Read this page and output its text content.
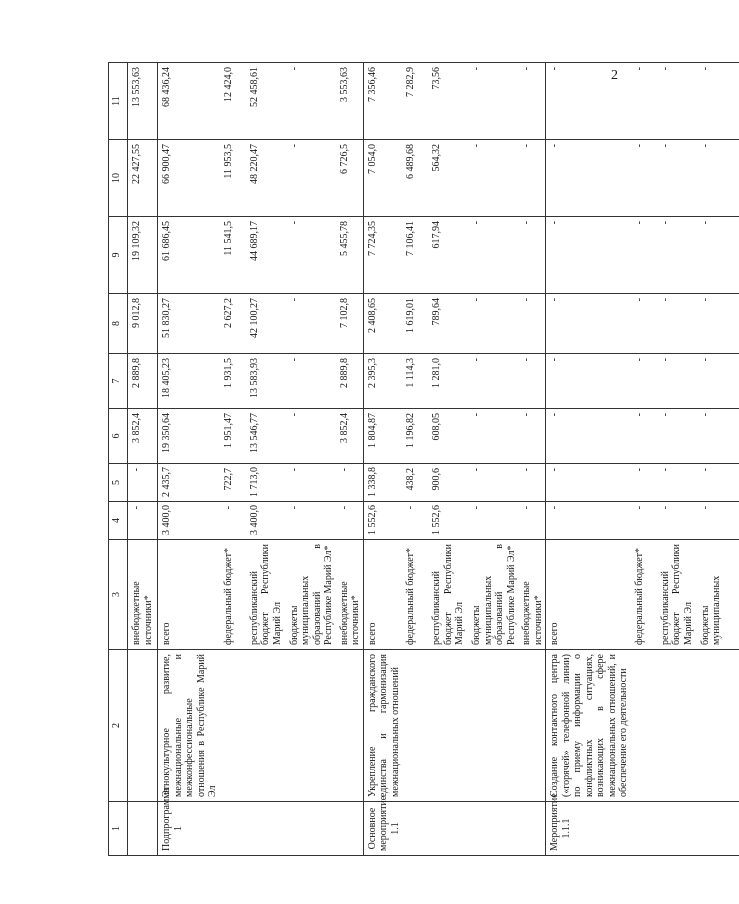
2
1	2	3	4	5	6	7	8	9	10	11
		внебюджетные источники*	-	-	3 852,4	2 889,8	9 012,8	19 109,32	22 427,55	13 553,63
Подпрограмма 1	Этнокультурное развитие, межнациональные и межконфессиональные отношения в Республике Марий Эл	всего	3 400,0	2 435,7	19 350,64	18 405,23	51 830,27	61 686,45	66 900,47	68 436,24
		федеральный бюджет*	-	722,7	1 951,47	1 931,5	2 627,2	11 541,5	11 953,5	12 424,0
		республиканский бюджет Республики Марий Эл	3 400,0	1 713,0	13 546,77	13 583,93	42 100,27	44 689,17	48 220,47	52 458,61
		бюджеты муниципальных образований в Республике Марий Эл*	-	-	-	-	-	-	-	-
		внебюджетные источники*	-	-	3 852,4	2 889,8	7 102,8	5 455,78	6 726,5	3 553,63
Основное мероприятие 1.1	Укрепление гражданского единства и гармонизация межнациональных отношений	всего	1 552,6	1 338,8	1 804,87	2 395,3	2 408,65	7 724,35	7 054,0	7 356,46
		федеральный бюджет*	-	438,2	1 196,82	1 114,3	1 619,01	7 106,41	6 489,68	7 282,9
		республиканский бюджет Республики Марий Эл	1 552,6	900,6	608,05	1 281,0	789,64	617,94	564,32	73,56
		бюджеты муниципальных образований в Республике Марий Эл*	-	-	-	-	-	-	-	-
		внебюджетные источники*	-	-	-	-	-	-	-	-
Мероприятие 1.1.1	Создание контактного центра («горячей» телефонной линии) по приему информации о конфликтных ситуациях, возникающих в сфере межнациональных отношений, и обеспечение его деятельности	всего	-	-	-	-	-	-	-	-
		федеральный бюджет*	-	-	-	-	-	-	-	-
		республиканский бюджет Республики Марий Эл	-	-	-	-	-	-	-	-
		бюджеты муниципальных	-	-	-	-	-	-	-	-
